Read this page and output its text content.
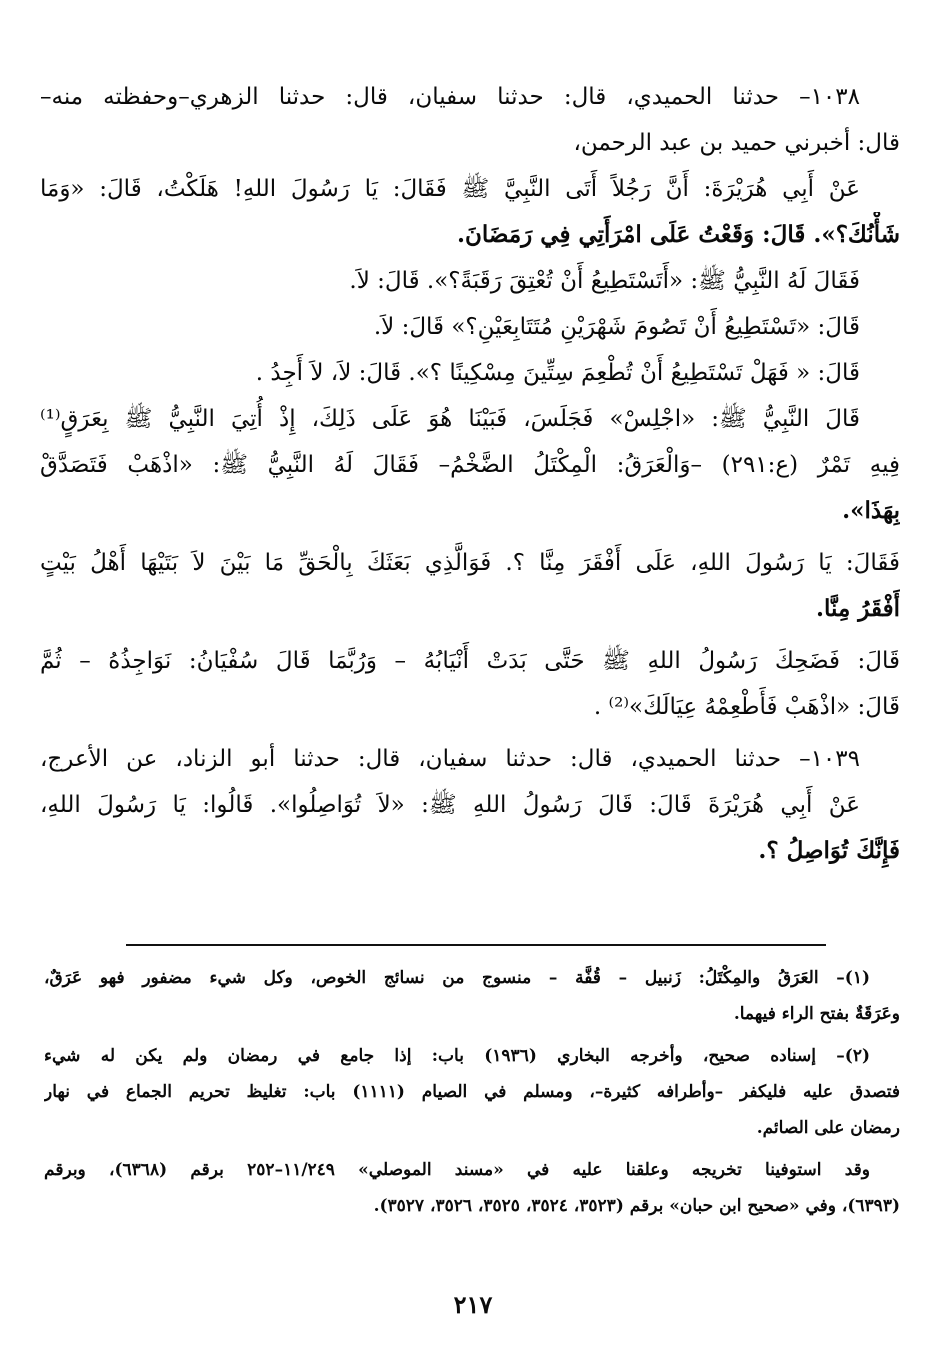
١٠٣٨– حدثنا الحميدي، قال: حدثنا سفيان، قال: حدثنا الزهري–وحفظته منه–
قال: أخبرني حميد بن عبد الرحمن،
عَنْ أَبِي هُرَيْرَةَ: أَنَّ رَجُلاً أَتَى النَّبِيَّ ﷺ فَقَالَ: يَا رَسُولَ اللهِ! هَلَكْتُ، قَالَ: «وَمَا
شَأْنُكَ؟». قَالَ: وَقَعْتُ عَلَى امْرَأَتِي فِي رَمَضَانَ.
فَقَالَ لَهُ النَّبِيُّ ﷺ: «أَتَسْتَطِيعُ أَنْ تُعْتِقَ رَقَبَةً؟». قَالَ: لاَ.
قَالَ: «تَسْتَطِيعُ أَنْ تَصُومَ شَهْرَيْنِ مُتَتَابِعَيْنِ؟» قَالَ: لاَ.
قَالَ: « فَهَلْ تَسْتَطِيعُ أَنْ تُطْعِمَ سِتِّينَ مِسْكِينًا ؟». قَالَ: لاَ، لاَ أَجِدُ .
قَالَ النَّبِيُّ ﷺ: «اجْلِسْ» فَجَلَسَ، فَبَيْنَا هُوَ عَلَى ذَلِكَ، إِذْ أُتِيَ النَّبِيُّ ﷺ بِعَرَقٍ⁽¹⁾
فِيهِ تَمْرٌ (ع:٢٩١) –وَالْعَرَقُ: الْمِكْتَلُ الضَّخْمُ– فَقَالَ لَهُ النَّبِيُّ ﷺ: «اذْهَبْ فَتَصَدَّقْ
بِهَذَا».
فَقَالَ: يَا رَسُولَ اللهِ، عَلَى أَفْقَرَ مِنَّا ؟. فَوَالَّذِي بَعَثَكَ بِالْحَقِّ مَا بَيْنَ لاَ بَتَيْهَا أَهْلُ بَيْتٍ
أَفْقَرُ مِنَّا.
قَالَ: فَضَحِكَ رَسُولُ اللهِ ﷺ حَتَّى بَدَتْ أَنْيَابُهُ – وَرُبَّمَا قَالَ سُفْيَانُ: نَوَاجِذُهُ – ثُمَّ
قَالَ: «اذْهَبْ فَأَطْعِمْهُ عِيَالَكَ»⁽²⁾ .
١٠٣٩– حدثنا الحميدي، قال: حدثنا سفيان، قال: حدثنا أبو الزناد، عن الأعرج،
عَنْ أَبِي هُرَيْرَةَ قَالَ: قَالَ رَسُولُ اللهِ ﷺ: «لاَ تُوَاصِلُوا». قَالُوا: يَا رَسُولَ اللهِ،
فَإِنَّكَ تُوَاصِلُ ؟.
(١)– العَرَقُ والمِكْتَلُ: زَنبيل – قُفَّة – منسوج من نسائج الخوص، وكل شيء مضفور فهو عَرَقٌ،
وعَرَقَةٌ بفتح الراء فيهما.
(٢)– إسناده صحيح، وأخرجه البخاري (١٩٣٦) باب: إذا جامع في رمضان ولم يكن له شيء
فتصدق عليه فليكفر –وأطرافه كثيرة–، ومسلم في الصيام (١١١١) باب: تغليظ تحريم الجماع في نهار
رمضان على الصائم.
وقد استوفينا تخريجه وعلقنا عليه في «مسند الموصلي» ١١/٢٤٩–٢٥٢ برقم (٦٣٦٨)، وبرقم
(٦٣٩٣)، وفي «صحيح ابن حبان» برقم (٣٥٢٣، ٣٥٢٤، ٣٥٢٥، ٣٥٢٦، ٣٥٢٧).
٢١٧
